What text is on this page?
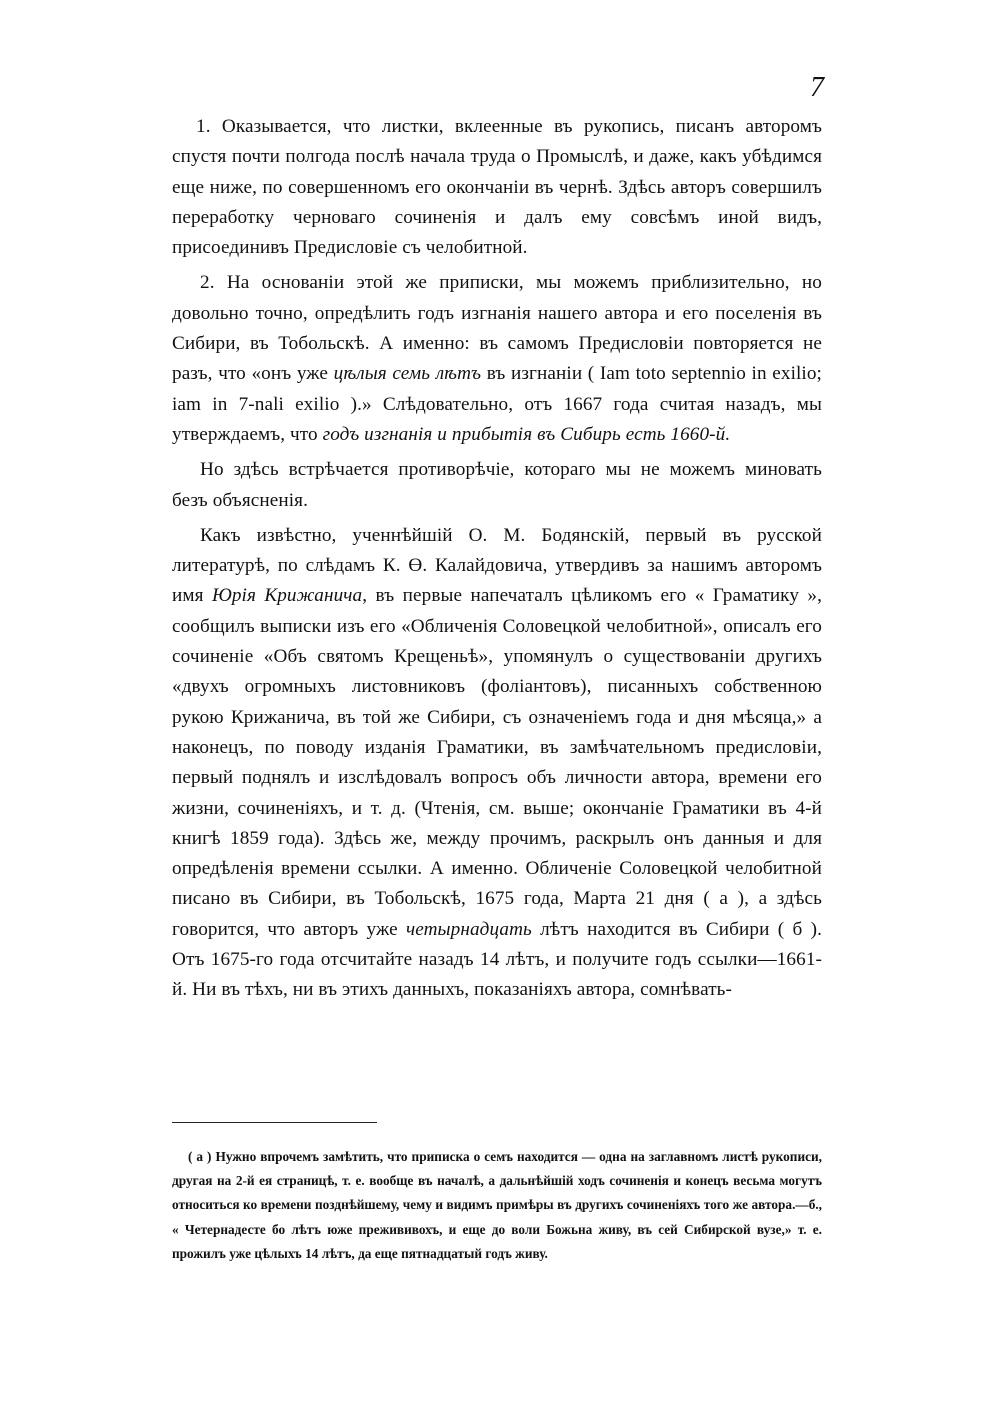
7

1. Оказывается, что листки, вклеенные въ рукопись, писанъ авторомъ спустя почти полгода послѣ начала труда о Промыслѣ, и даже, какъ убѣдимся еще ниже, по совершенномъ его окончаніи въ чернѣ. Здѣсь авторъ совершилъ переработку черноваго сочиненія и далъ ему совсѣмъ иной видъ, присоединивъ Предисловіе съ челобитной.

2. На основаніи этой же приписки, мы можемъ приблизительно, но довольно точно, опредѣлить годъ изгнанія нашего автора и его поселенія въ Сибири, въ Тобольскѣ. А именно: въ самомъ Предисловіи повторяется не разъ, что «онъ уже цѣлыя семь лѣтъ въ изгнаніи ( Iam toto septennio in exilio; iam in 7-nali exilio ).» Слѣдовательно, отъ 1667 года считая назадъ, мы утверждаемъ, что годъ изгнанія и прибытія въ Сибирь есть 1660-й.

Но здѣсь встрѣчается противорѣчіе, котораго мы не можемъ миновать безъ объясненія.

Какъ извѣстно, ученнѣйшій О. М. Бодянскій, первый въ русской литературѣ, по слѣдамъ К. Ө. Калайдовича, утвердивъ за нашимъ авторомъ имя Юрія Крижанича, въ первые напечаталъ цѣликомъ его « Граматику », сообщилъ выписки изъ его «Обличенія Соловецкой челобитной», описалъ его сочиненіе «Объ святомъ Крещеньѣ», упомянулъ о существованіи другихъ «двухъ огромныхъ листовниковъ (фоліантовъ), писанныхъ собственною рукою Крижанича, въ той же Сибири, съ означеніемъ года и дня мѣсяца,» а наконецъ, по поводу изданія Граматики, въ замѣчательномъ предисловіи, первый поднялъ и изслѣдовалъ вопросъ объ личности автора, времени его жизни, сочиненіяхъ, и т. д. (Чтенія, см. выше; окончаніе Граматики въ 4-й книгѣ 1859 года). Здѣсь же, между прочимъ, раскрылъ онъ данныя и для опредѣленія времени ссылки. А именно. Обличеніе Соловецкой челобитной писано въ Сибири, въ Тобольскѣ, 1675 года, Марта 21 дня ( а ), а здѣсь говорится, что авторъ уже четырнадцать лѣтъ находится въ Сибири ( б ). Отъ 1675-го года отсчитайте назадъ 14 лѣтъ, и получите годъ ссылки—1661-й. Ни въ тѣхъ, ни въ этихъ данныхъ, показаніяхъ автора, сомнѣвать-

( а ) Нужно впрочемъ замѣтить, что приписка о семъ находится — одна на заглавномъ листѣ рукописи, другая на 2-й ея страницѣ, т. е. вообще въ началѣ, а дальнѣйшій ходъ сочиненія и конецъ весьма могутъ относиться ко времени позднѣйшему, чему и видимъ примѣры въ другихъ сочиненіяхъ того же автора.—б., « Четернадесте бо лѣтъ юже прежививохъ, и еще до воли Божьна живу, въ сей Сибирской вузе,» т. е. прожилъ уже цѣлыхъ 14 лѣтъ, да еще пятнадцатый годъ живу.
